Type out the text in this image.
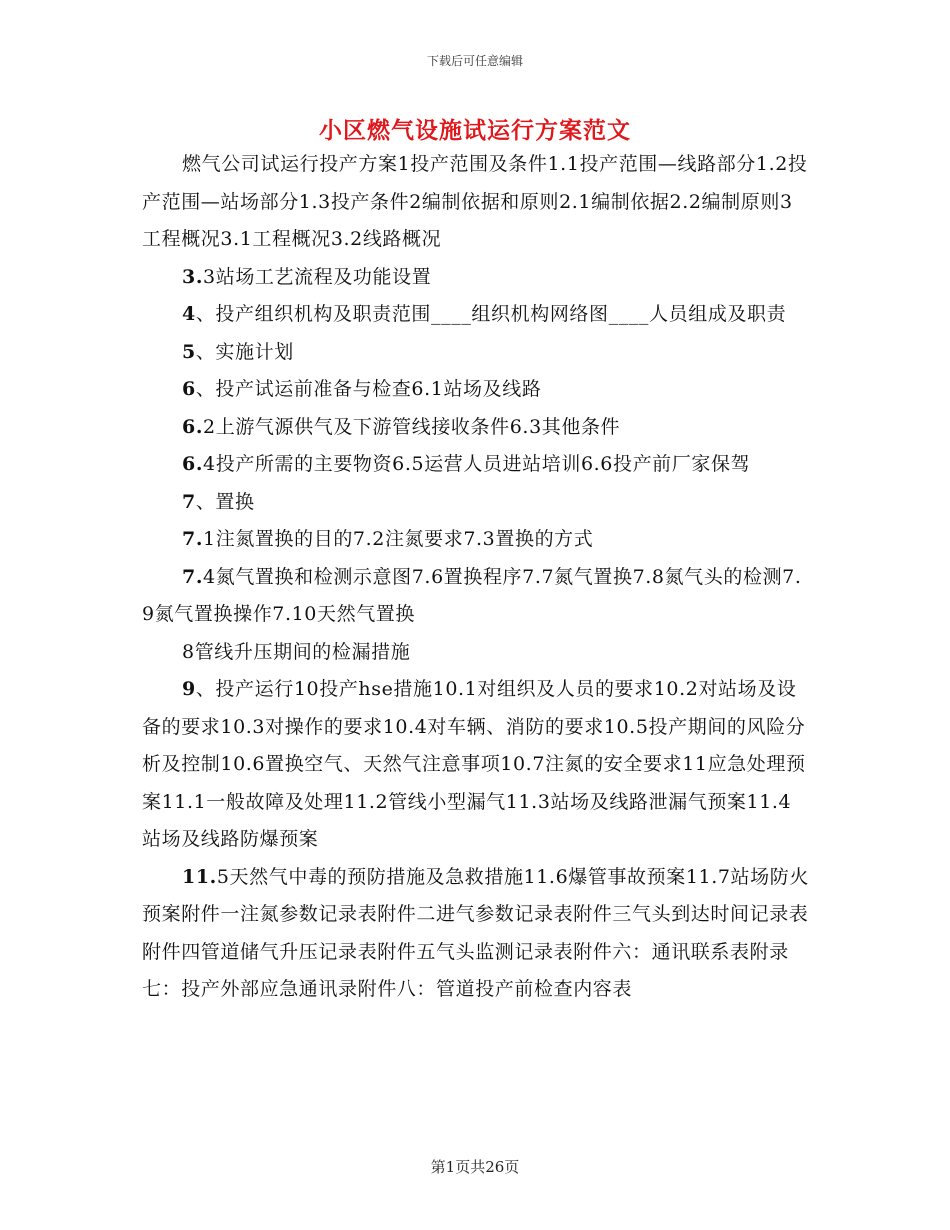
下载后可任意编辑
小区燃气设施试运行方案范文

燃气公司试运行投产方案1投产范围及条件1.1投产范围—线路部分1.2投产范围—站场部分1.3投产条件2编制依据和原则2.1编制依据2.2编制原则3工程概况3.1工程概况3.2线路概况

3.3站场工艺流程及功能设置

4、投产组织机构及职责范围____组织机构网络图____人员组成及职责

5、实施计划

6、投产试运前准备与检查6.1站场及线路

6.2上游气源供气及下游管线接收条件6.3其他条件

6.4投产所需的主要物资6.5运营人员进站培训6.6投产前厂家保驾

7、置换

7.1注氮置换的目的7.2注氮要求7.3置换的方式

7.4氮气置换和检测示意图7.6置换程序7.7氮气置换7.8氮气头的检测7.9氮气置换操作7.10天然气置换

8管线升压期间的检漏措施

9、投产运行10投产hse措施10.1对组织及人员的要求10.2对站场及设备的要求10.3对操作的要求10.4对车辆、消防的要求10.5投产期间的风险分析及控制10.6置换空气、天然气注意事项10.7注氮的安全要求11应急处理预案11.1一般故障及处理11.2管线小型漏气11.3站场及线路泄漏气预案11.4站场及线路防爆预案

11.5天然气中毒的预防措施及急救措施11.6爆管事故预案11.7站场防火预案附件一注氮参数记录表附件二进气参数记录表附件三气头到达时间记录表附件四管道储气升压记录表附件五气头监测记录表附件六：通讯联系表附录七：投产外部应急通讯录附件八：管道投产前检查内容表

第1页共26页
